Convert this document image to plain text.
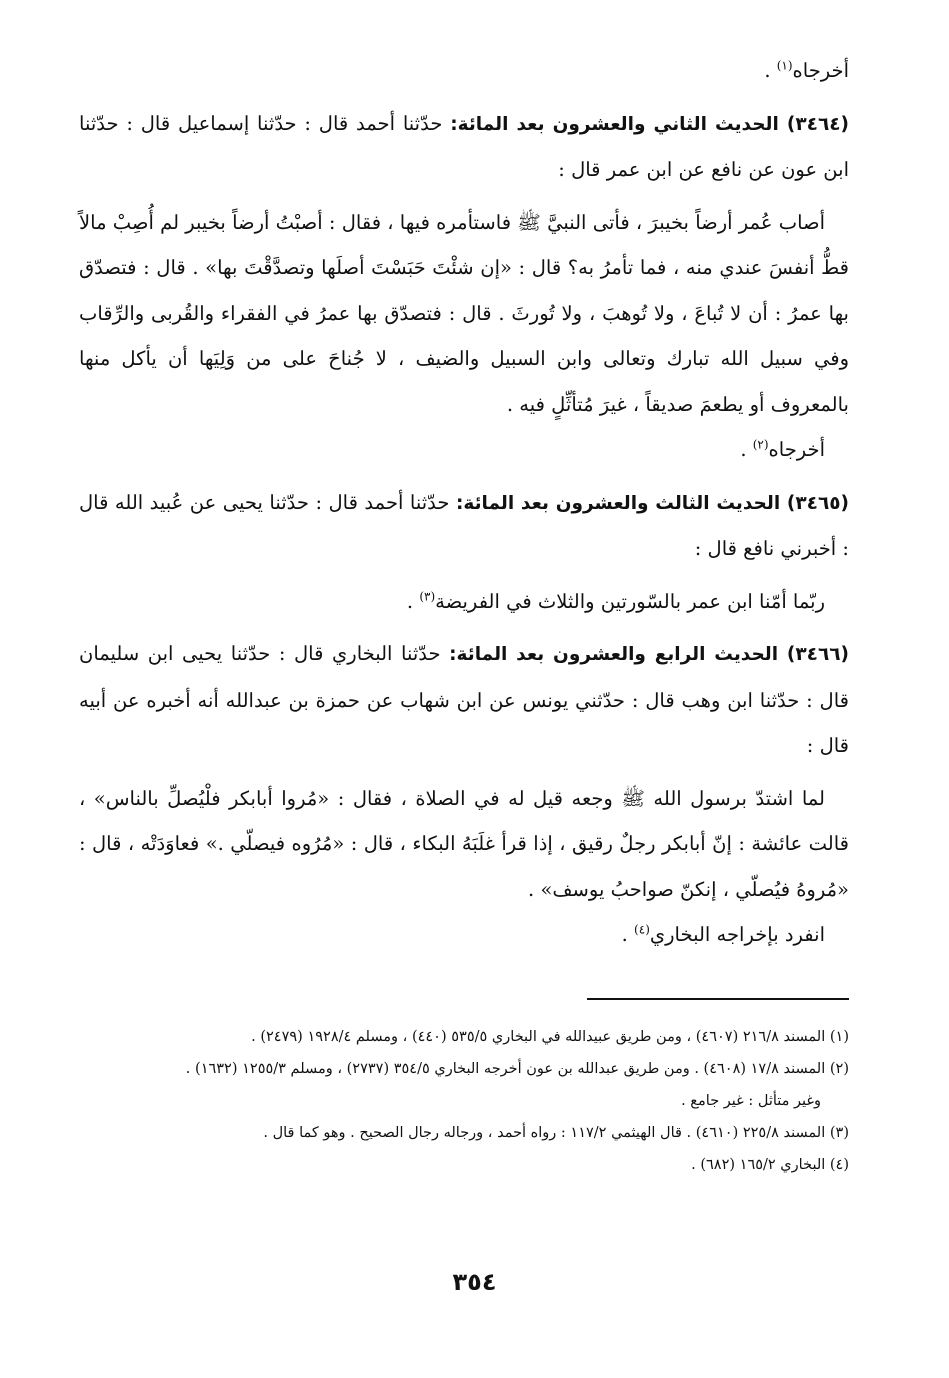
أخرجاه$^{(١)}$ .

(٣٤٦٤) الحديث الثاني والعشرون بعد المائة: حدّثنا أحمد قال : حدّثنا إسماعيل قال : حدّثنا ابن عون عن نافع عن ابن عمر قال :

أصاب عُمر أرضاً بخيبرَ ، فأتى النبيَّ ﷺ فاستأمره فيها ، فقال : أصبْتُ أرضاً بخيبر لم أُصِبْ مالاً قطُّ أنفسَ عندي منه ، فما تأمرُ به؟ قال : «إن شئْتَ حَبَسْتَ أصلَها وتصدَّقْتَ بها» . قال : فتصدّق بها عمرُ : أن لا تُباعَ ، ولا تُوهبَ ، ولا تُورثَ . قال : فتصدّق بها عمرُ في الفقراء والقُربى والرِّقاب وفي سبيل الله تبارك وتعالى وابن السبيل والضيف ، لا جُناحَ على من وَلِيَها أن يأكل منها بالمعروف أو يطعمَ صديقاً ، غيرَ مُتأثِّلٍ فيه .

أخرجاه$^{(٢)}$ .

(٣٤٦٥) الحديث الثالث والعشرون بعد المائة: حدّثنا أحمد قال : حدّثنا يحيى عن عُبيد الله قال : أخبرني نافع قال :

ربّما أمّنا ابن عمر بالسّورتين والثلاث في الفريضة$^{(٣)}$ .

(٣٤٦٦) الحديث الرابع والعشرون بعد المائة: حدّثنا البخاري قال : حدّثنا يحيى ابن سليمان قال : حدّثنا ابن وهب قال : حدّثني يونس عن ابن شهاب عن حمزة بن عبدالله أنه أخبره عن أبيه قال :

لما اشتدّ برسول الله ﷺ وجعه قيل له في الصلاة ، فقال : «مُروا أبابكر فلْيُصلِّ بالناس» ، قالت عائشة : إنّ أبابكر رجلٌ رقيق ، إذا قرأ غلَبَهُ البكاء ، قال : «مُرُوه فيصلّي .» فعاوَدَتْه ، قال : «مُروهُ فيُصلّي ، إنكنّ صواحبُ يوسف» .

انفرد بإخراجه البخاري$^{(٤)}$ .

(١) المسند ٢١٦/٨ (٤٦٠٧) ، ومن طريق عبيدالله في البخاري ٥٣٥/٥ (٤٤٠) ، ومسلم ١٩٢٨/٤ (٢٤٧٩) .

(٢) المسند ١٧/٨ (٤٦٠٨) . ومن طريق عبدالله بن عون أخرجه البخاري ٣٥٤/٥ (٢٧٣٧) ، ومسلم ١٢٥٥/٣ (١٦٣٢) .

وغير متأثل : غير جامع .

(٣) المسند ٢٢٥/٨ (٤٦١٠) . قال الهيثمي ١١٧/٢ : رواه أحمد ، ورجاله رجال الصحيح . وهو كما قال .

(٤) البخاري ١٦٥/٢ (٦٨٢) .

٣٥٤
